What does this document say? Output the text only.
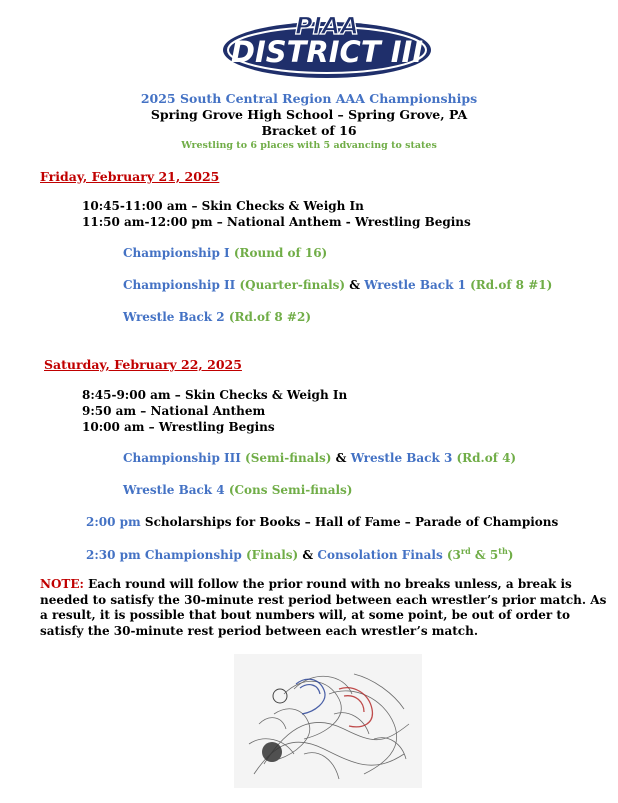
PIAA
DISTRICT III
2025 South Central Region AAA Championships
Spring Grove High School – Spring Grove, PA
Bracket of 16
Wrestling to 6 places with 5 advancing to states
Friday, February 21, 2025
10:45-11:00 am – Skin Checks & Weigh In
11:50 am-12:00 pm – National Anthem - Wrestling Begins
Championship I (Round of 16)
Championship II (Quarter-finals) & Wrestle Back 1 (Rd.of 8 #1)
Wrestle Back 2 (Rd.of 8 #2)
Saturday, February 22, 2025
8:45-9:00 am – Skin Checks & Weigh In
9:50 am – National Anthem
10:00 am – Wrestling Begins
Championship III (Semi-finals) & Wrestle Back 3 (Rd.of 4)
Wrestle Back 4 (Cons Semi-finals)
2:00 pm Scholarships for Books – Hall of Fame – Parade of Champions
2:30 pm Championship (Finals) & Consolation Finals (3rd & 5th)
NOTE: Each round will follow the prior round with no breaks unless, a break is needed to satisfy the 30-minute rest period between each wrestler’s prior match. As a result, it is possible that bout numbers will, at some point, be out of order to satisfy the 30-minute rest period between each wrestler’s match.
